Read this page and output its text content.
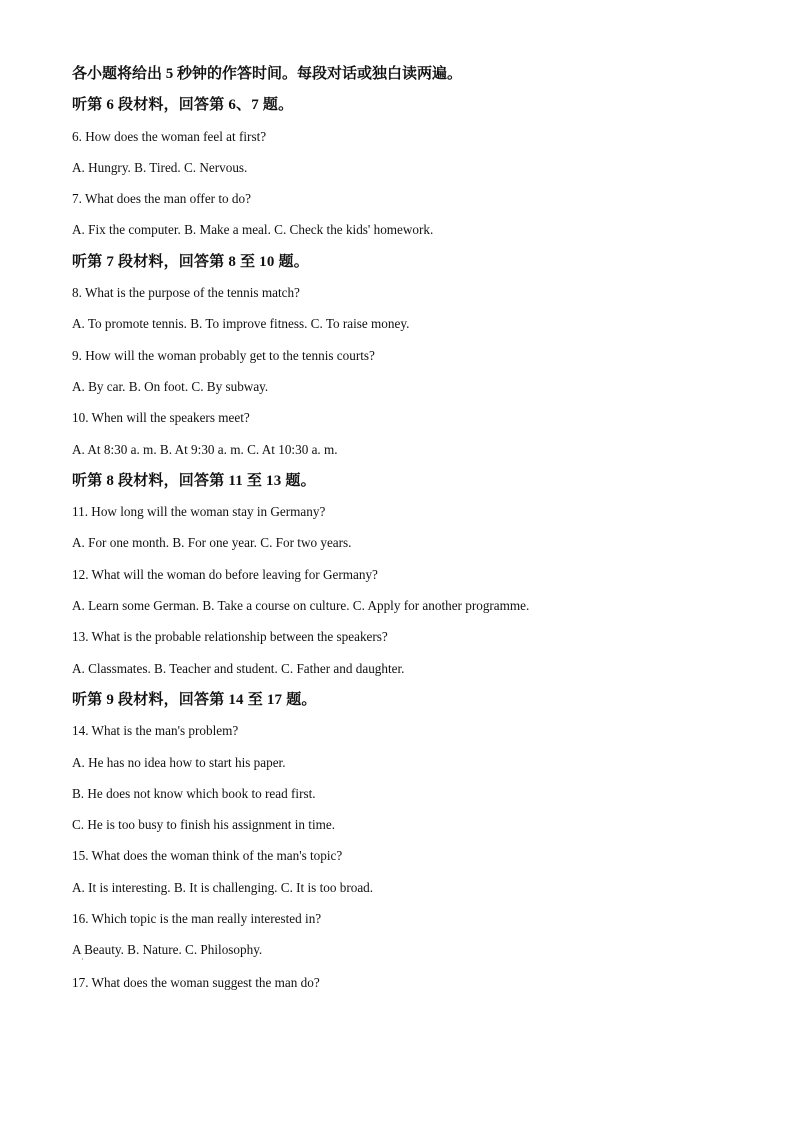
各小题将给出 5 秒钟的作答时间。每段对话或独白读两遍。
听第 6 段材料，回答第 6、7 题。
6. How does the woman feel at first?
A. Hungry. B. Tired. C. Nervous.
7. What does the man offer to do?
A. Fix the computer. B. Make a meal. C. Check the kids' homework.
听第 7 段材料，回答第 8 至 10 题。
8. What is the purpose of the tennis match?
A. To promote tennis. B. To improve fitness. C. To raise money.
9. How will the woman probably get to the tennis courts?
A. By car. B. On foot. C. By subway.
10. When will the speakers meet?
A. At 8:30 a. m. B. At 9:30 a. m. C. At 10:30 a. m.
听第 8 段材料，回答第 11 至 13 题。
11. How long will the woman stay in Germany?
A. For one month. B. For one year. C. For two years.
12. What will the woman do before leaving for Germany?
A. Learn some German. B. Take a course on culture. C. Apply for another programme.
13. What is the probable relationship between the speakers?
A. Classmates. B. Teacher and student. C. Father and daughter.
听第 9 段材料，回答第 14 至 17 题。
14. What is the man's problem?
A. He has no idea how to start his paper.
B. He does not know which book to read first.
C. He is too busy to finish his assignment in time.
15. What does the woman think of the man's topic?
A. It is interesting. B. It is challenging. C. It is too broad.
16. Which topic is the man really interested in?
A Beauty. B. Nature. C. Philosophy.
·
17. What does the woman suggest the man do?
